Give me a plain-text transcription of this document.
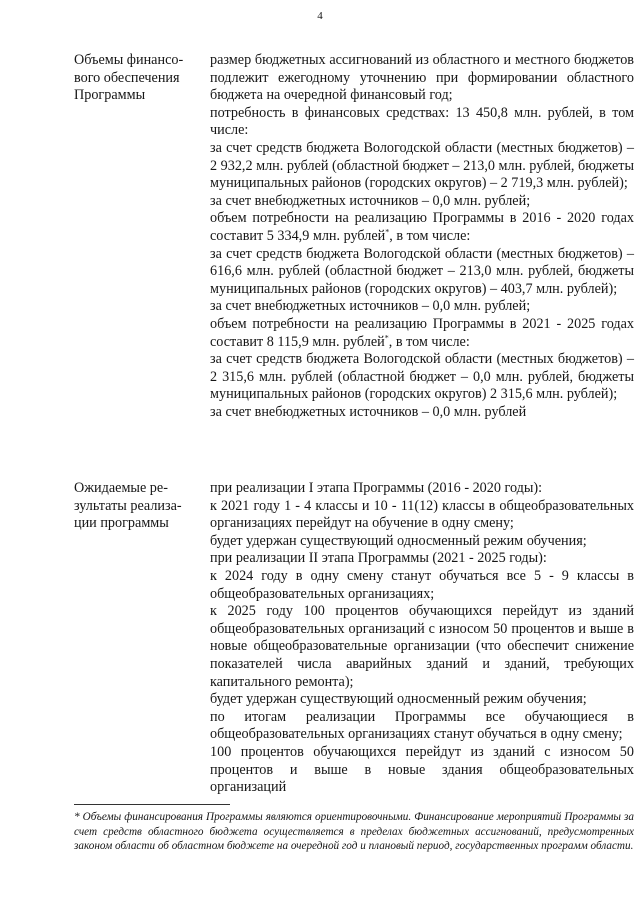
4
Объемы финансо-вого обеспечения Программы
размер бюджетных ассигнований из областного и местного бюджетов подлежит ежегодному уточнению при формировании областного бюджета на очередной финансовый год;
потребность в финансовых средствах: 13 450,8 млн. рублей, в том числе:
за счет средств бюджета Вологодской области (местных бюджетов) – 2 932,2 млн. рублей (областной бюджет – 213,0 млн. рублей, бюджеты муниципальных районов (городских округов) – 2 719,3 млн. рублей);
за счет внебюджетных источников – 0,0 млн. рублей;
объем потребности на реализацию Программы в 2016 - 2020 годах составит 5 334,9 млн. рублей*, в том числе:
за счет средств бюджета Вологодской области (местных бюджетов) – 616,6 млн. рублей (областной бюджет – 213,0 млн. рублей, бюджеты муниципальных районов (городских округов) – 403,7 млн. рублей);
за счет внебюджетных источников – 0,0 млн. рублей;
объем потребности на реализацию Программы в 2021 - 2025 годах составит 8 115,9 млн. рублей*, в том числе:
за счет средств бюджета Вологодской области (местных бюджетов) – 2 315,6 млн. рублей (областной бюджет – 0,0 млн. рублей, бюджеты муниципальных районов (городских округов) 2 315,6 млн. рублей);
за счет внебюджетных источников – 0,0 млн. рублей
Ожидаемые ре-зультаты реализа-ции программы
при реализации I этапа Программы (2016 - 2020 годы):
к 2021 году 1 - 4 классы и 10 - 11(12) классы в общеобразовательных организациях перейдут на обучение в одну смену;
будет удержан существующий односменный режим обучения;
при реализации II этапа Программы (2021 - 2025 годы):
к 2024 году в одну смену станут обучаться все 5 - 9 классы в общеобразовательных организациях;
к 2025 году 100 процентов обучающихся перейдут из зданий общеобразовательных организаций с износом 50 процентов и выше в новые общеобразовательные организации (что обеспечит снижение показателей числа аварийных зданий и зданий, требующих капитального ремонта);
будет удержан существующий односменный режим обучения;
по итогам реализации Программы все обучающиеся в общеобразовательных организациях станут обучаться в одну смену;
100 процентов обучающихся перейдут из зданий с износом 50 процентов и выше в новые здания общеобразовательных организаций
* Объемы финансирования Программы являются ориентировочными. Финансирование мероприятий Программы за счет средств областного бюджета осуществляется в пределах бюджетных ассигнований, предусмотренных законом области об областном бюджете на очередной год и плановый период, государственных программ области.
